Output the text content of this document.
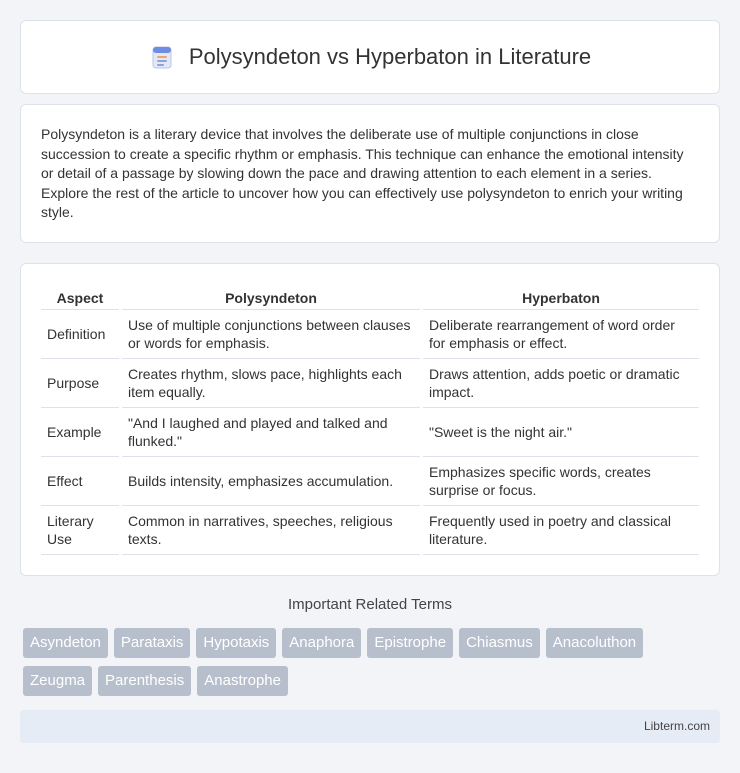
Polysyndeton vs Hyperbaton in Literature

Polysyndeton is a literary device that involves the deliberate use of multiple conjunctions in close succession to create a specific rhythm or emphasis. This technique can enhance the emotional intensity or detail of a passage by slowing down the pace and drawing attention to each element in a series. Explore the rest of the article to uncover how you can effectively use polysyndeton to enrich your writing style.

Aspect	Polysyndeton	Hyperbaton
Definition	Use of multiple conjunctions between clauses or words for emphasis.	Deliberate rearrangement of word order for emphasis or effect.
Purpose	Creates rhythm, slows pace, highlights each item equally.	Draws attention, adds poetic or dramatic impact.
Example	"And I laughed and played and talked and flunked."	"Sweet is the night air."
Effect	Builds intensity, emphasizes accumulation.	Emphasizes specific words, creates surprise or focus.
Literary Use	Common in narratives, speeches, religious texts.	Frequently used in poetry and classical literature.
Important Related Terms
Asyndeton	Parataxis	Hypotaxis	Anaphora	Epistrophe	Chiasmus	Anacoluthon
Zeugma	Parenthesis	Anastrophe
Libterm.com
